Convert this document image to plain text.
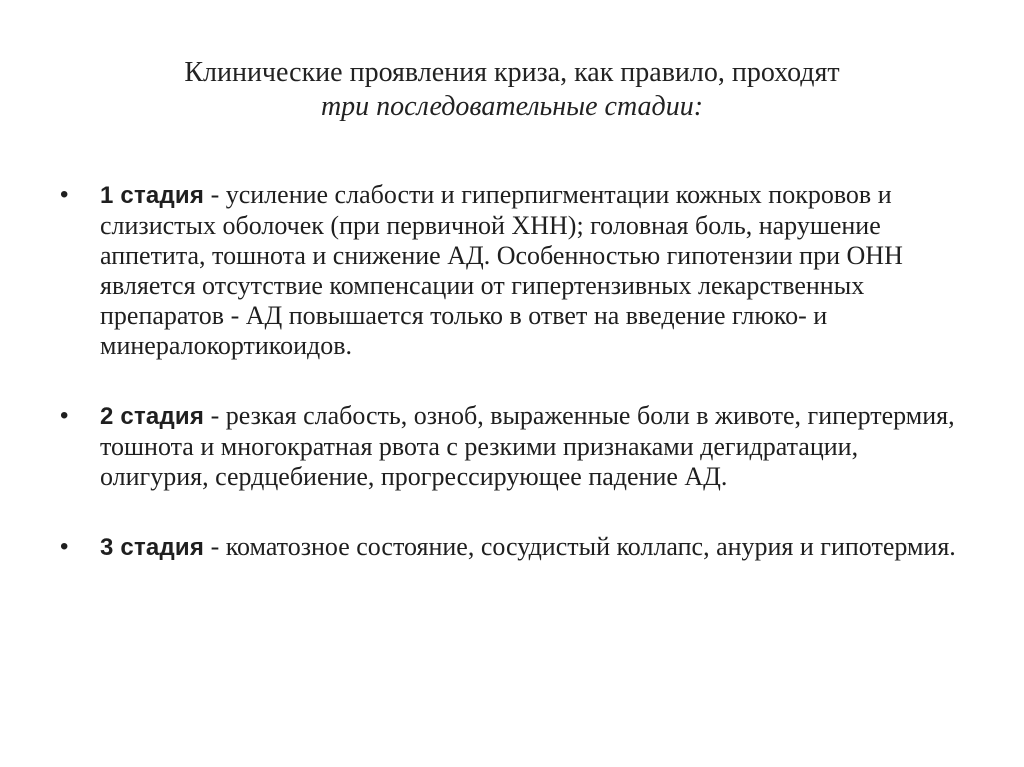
Клинические проявления криза, как правило, проходят
три последовательные стадии:
• 1 стадия - усиление слабости и гиперпигментации кожных покровов и слизистых оболочек (при первичной ХНН); головная боль, нарушение аппетита, тошнота и снижение АД. Особенностью гипотензии при ОНН является отсутствие компенсации от гипертензивных лекарственных препаратов - АД повышается только в ответ на введение глюко- и минералокортикоидов.
• 2 стадия - резкая слабость, озноб, выраженные боли в животе, гипертермия, тошнота и многократная рвота с резкими признаками дегидратации, олигурия, сердцебиение, прогрессирующее падение АД.
• 3 стадия - коматозное состояние, сосудистый коллапс, анурия и гипотермия.
